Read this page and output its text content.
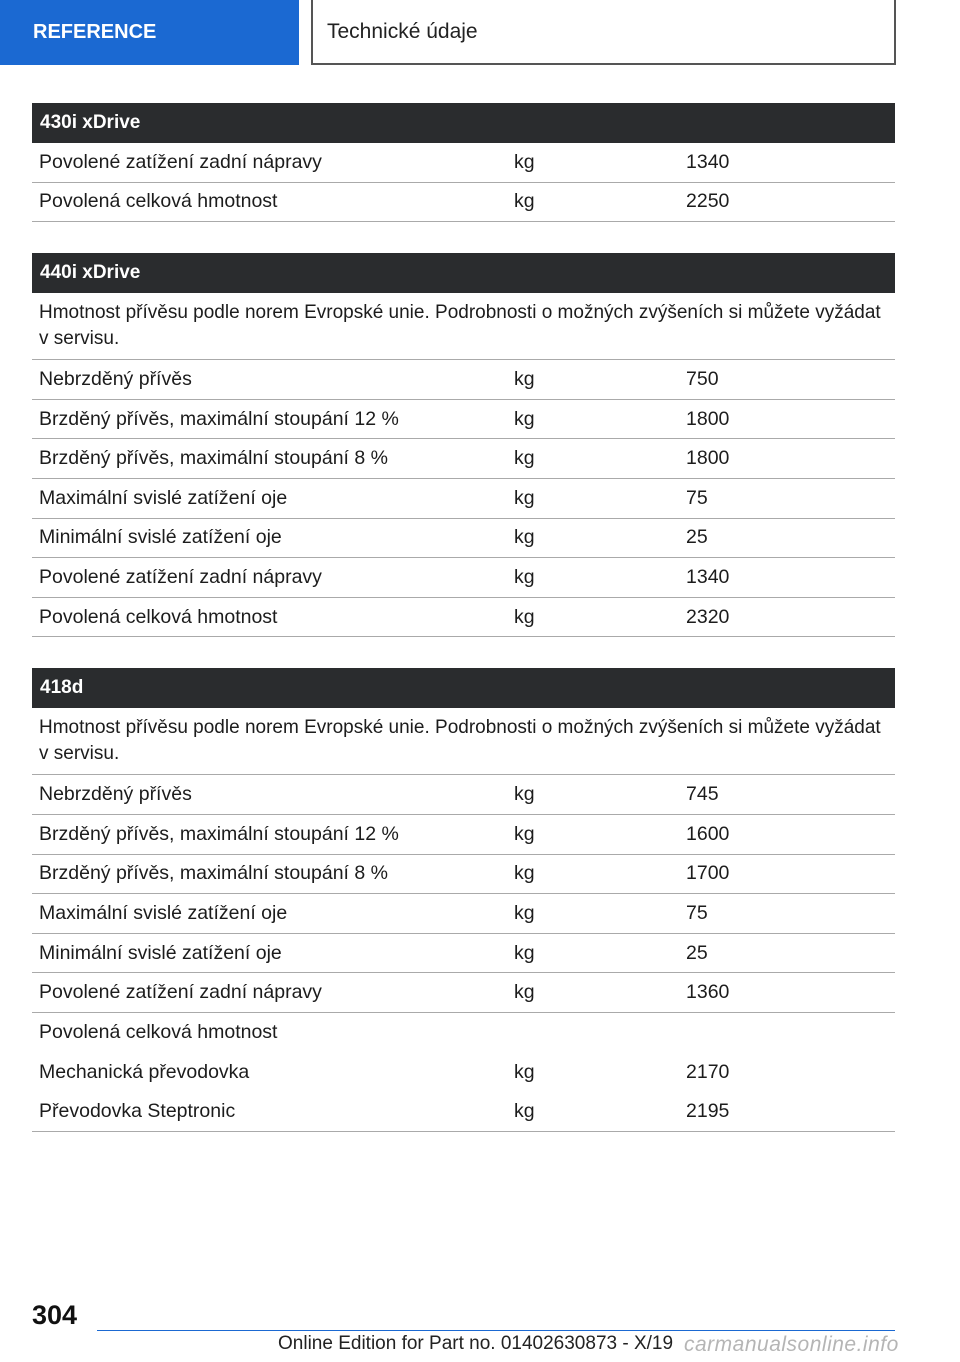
REFERENCE	Technické údaje
430i xDrive
Povolené zatížení zadní nápravy	kg	1340
Povolená celková hmotnost	kg	2250
440i xDrive
Hmotnost přívěsu podle norem Evropské unie. Podrobnosti o možných zvýšeních si můžete vyžádat v servisu.
Nebrzděný přívěs	kg	750
Brzděný přívěs, maximální stoupání 12 %	kg	1800
Brzděný přívěs, maximální stoupání 8 %	kg	1800
Maximální svislé zatížení oje	kg	75
Minimální svislé zatížení oje	kg	25
Povolené zatížení zadní nápravy	kg	1340
Povolená celková hmotnost	kg	2320
418d
Hmotnost přívěsu podle norem Evropské unie. Podrobnosti o možných zvýšeních si můžete vyžádat v servisu.
Nebrzděný přívěs	kg	745
Brzděný přívěs, maximální stoupání 12 %	kg	1600
Brzděný přívěs, maximální stoupání 8 %	kg	1700
Maximální svislé zatížení oje	kg	75
Minimální svislé zatížení oje	kg	25
Povolené zatížení zadní nápravy	kg	1360
Povolená celková hmotnost
Mechanická převodovka	kg	2170
Převodovka Steptronic	kg	2195
304
Online Edition for Part no. 01402630873 - X/19 carmanualsonline.info
